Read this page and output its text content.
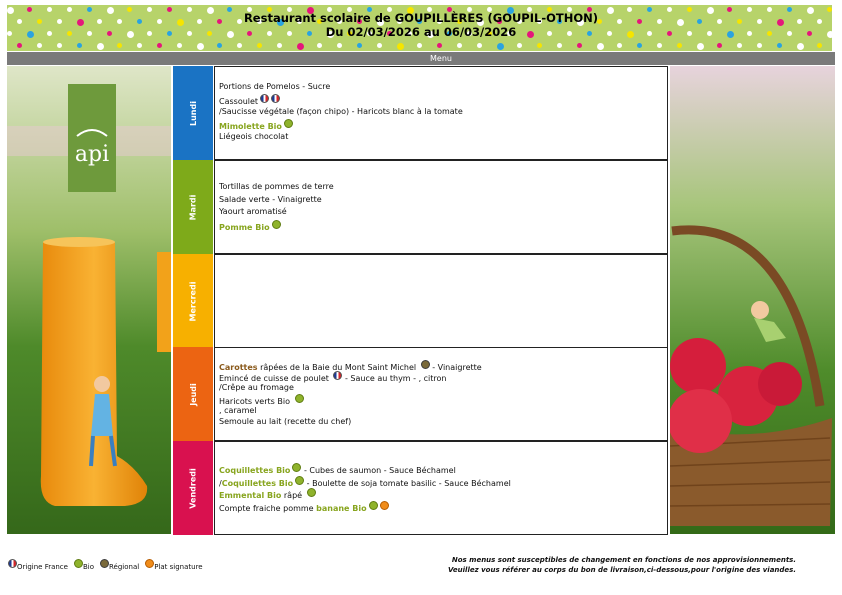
Restaurant scolaire de GOUPILLÈRES (GOUPIL-OTHON)
Du 02/03/2026 au 06/03/2026
Menu
api
Lundi
Portions de Pomelos - Sucre
Cassoulet
/Saucisse végétale (façon chipo) - Haricots blanc à la tomate
Mimolette Bio
Liégeois chocolat
Mardi
Tortillas de pommes de terre
Salade verte - Vinaigrette
Yaourt aromatisé
Pomme Bio
Mercredi
Jeudi
Carottes râpées de la Baie du Mont Saint Michel  - Vinaigrette
Emincé de cuisse de poulet  - Sauce au thym - , citron
/Crêpe au fromage
Haricots verts Bio
, caramel
Semoule au lait (recette du chef)
Vendredi	Coquillettes Bio - Cubes de saumon - Sauce Béchamel
/Coquillettes Bio - Boulette de soja tomate basilic - Sauce Béchamel
Emmental Bio râpé
Compte fraiche pomme banane Bio
Origine France Bio Régional Plat signature
Nos menus sont susceptibles de changement en fonctions de nos approvisionnements.
Veuillez vous référer au corps du bon de livraison,ci-dessous,pour l'origine des viandes.
